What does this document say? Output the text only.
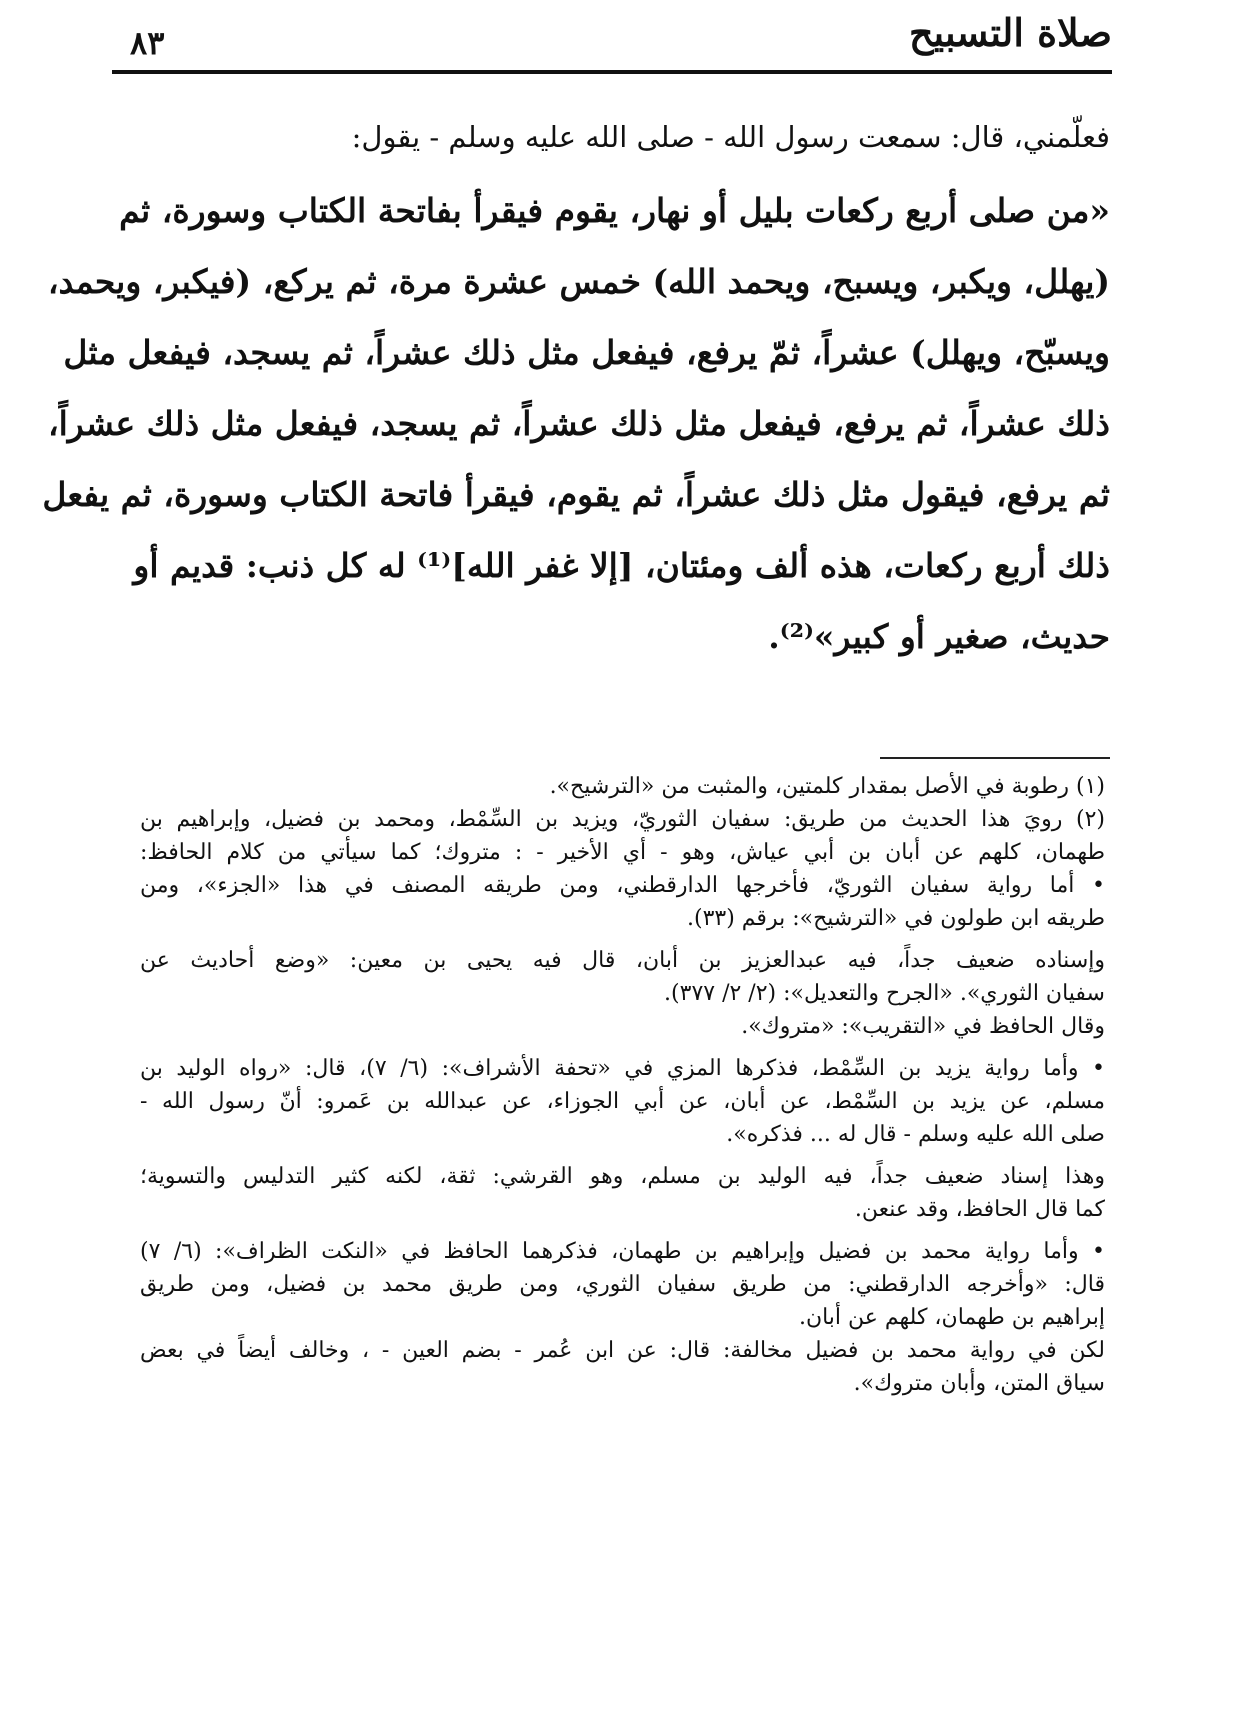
صلاة التسبيح
٨٣

فعلّمني، قال: سمعت رسول الله - صلى الله عليه وسلم - يقول:

«من صلى أربع ركعات بليل أو نهار، يقوم فيقرأ بفاتحة الكتاب وسورة، ثم
(يهلل، ويكبر، ويسبح، ويحمد الله) خمس عشرة مرة، ثم يركع، (فيكبر، ويحمد،
ويسبّح، ويهلل) عشراً، ثمّ يرفع، فيفعل مثل ذلك عشراً، ثم يسجد، فيفعل مثل
ذلك عشراً، ثم يرفع، فيفعل مثل ذلك عشراً، ثم يسجد، فيفعل مثل ذلك عشراً،
ثم يرفع، فيقول مثل ذلك عشراً، ثم يقوم، فيقرأ فاتحة الكتاب وسورة، ثم يفعل
ذلك أربع ركعات، هذه ألف ومئتان، [إلا غفر الله]⁽¹⁾ له كل ذنب: قديم أو
حديث، صغير أو كبير»⁽²⁾.
(١) رطوبة في الأصل بمقدار كلمتين، والمثبت من «الترشيح».
(٢) رويَ هذا الحديث من طريق: سفيان الثوريّ، ويزيد بن السِّمْط، ومحمد بن فضيل، وإبراهيم بن
طهمان، كلهم عن أبان بن أبي عياش، وهو - أي الأخير - : متروك؛ كما سيأتي من كلام الحافظ:
• أما رواية سفيان الثوريّ، فأخرجها الدارقطني، ومن طريقه المصنف في هذا «الجزء»، ومن
طريقه ابن طولون في «الترشيح»: برقم (٣٣).
وإسناده ضعيف جداً، فيه عبدالعزيز بن أبان، قال فيه يحيى بن معين: «وضع أحاديث عن
سفيان الثوري». «الجرح والتعديل»: (٢/ ٢/ ٣٧٧).
وقال الحافظ في «التقريب»: «متروك».
• وأما رواية يزيد بن السِّمْط، فذكرها المزي في «تحفة الأشراف»: (٦/ ٧)، قال: «رواه الوليد بن
مسلم، عن يزيد بن السِّمْط، عن أبان، عن أبي الجوزاء، عن عبدالله بن عَمرو: أنّ رسول الله -
صلى الله عليه وسلم - قال له ... فذكره».
وهذا إسناد ضعيف جداً، فيه الوليد بن مسلم، وهو القرشي: ثقة، لكنه كثير التدليس والتسوية؛
كما قال الحافظ، وقد عنعن.
• وأما رواية محمد بن فضيل وإبراهيم بن طهمان، فذكرهما الحافظ في «النكت الظراف»: (٦/ ٧)
قال: «وأخرجه الدارقطني: من طريق سفيان الثوري، ومن طريق محمد بن فضيل، ومن طريق
إبراهيم بن طهمان، كلهم عن أبان.
لكن في رواية محمد بن فضيل مخالفة: قال: عن ابن عُمر - بضم العين - ، وخالف أيضاً في بعض
سياق المتن، وأبان متروك».
